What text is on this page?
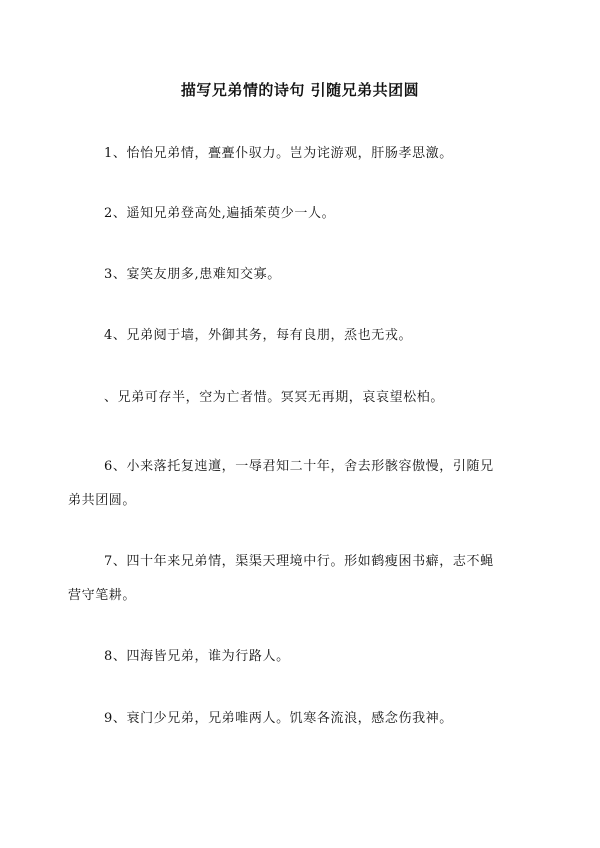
描写兄弟情的诗句 引随兄弟共团圆
1、怡怡兄弟情，亹亹仆驭力。岂为诧游观，肝肠孝思激。
2、遥知兄弟登高处,遍插茱萸少一人。
3、宴笑友朋多,患难知交寡。
4、兄弟阋于墙，外御其务，每有良朋，烝也无戎。
、兄弟可存半，空为亡者惜。冥冥无再期，哀哀望松柏。
6、小来落托复迍邅，一辱君知二十年，舍去形骸容傲慢，引随兄
弟共团圆。
7、四十年来兄弟情，渠渠天理境中行。形如鹤瘦困书癖，志不蝇
营守笔耕。
8、四海皆兄弟，谁为行路人。
9、衰门少兄弟，兄弟唯两人。饥寒各流浪，感念伤我神。
